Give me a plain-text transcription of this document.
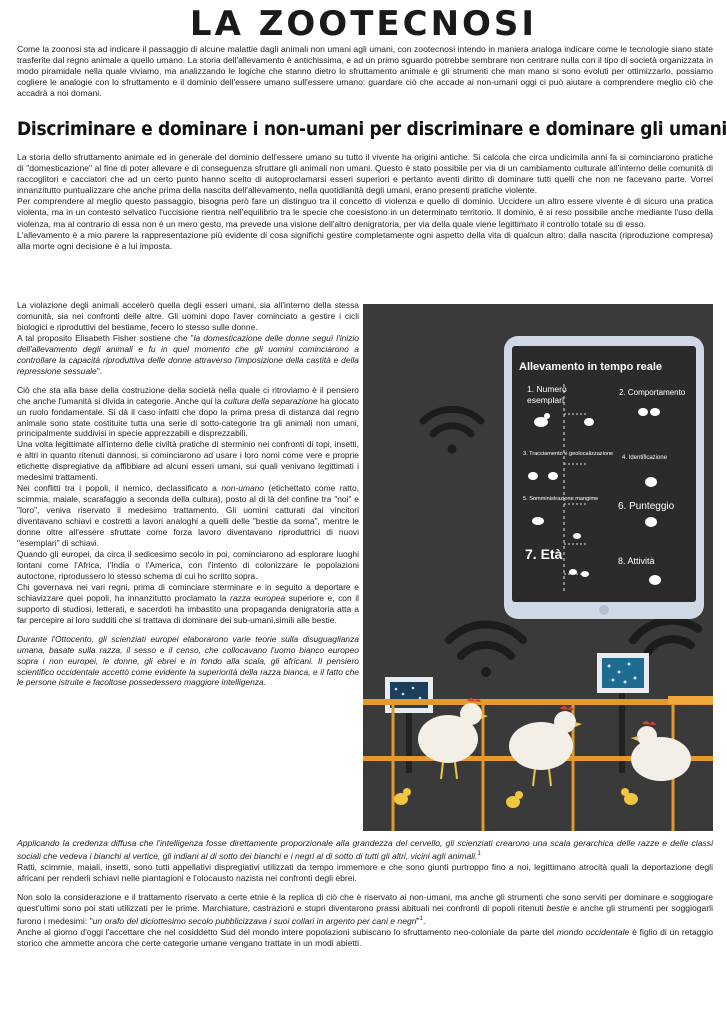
LA ZOOTECNOSI

Come la zoonosi sta ad indicare il passaggio di alcune malattie dagli animali non umani agli umani, con zootecnosi intendo in maniera analoga indicare come le tecnologie siano state trasferite dal regno animale a quello umano. La storia dell'allevamento è antichissima, e ad un primo sguardo potrebbe sembrare non centrare nulla con il tipo di società organizzata in modo piramidale nella quale viviamo, ma analizzando le logiche che stanno dietro lo sfruttamento animale e gli strumenti che man mano si sono evoluti per ottimizzarlo, possiamo cogliere le analogie con lo sfruttamento e il dominio dell'essere umano sull'essere umano: guardare ciò che accade ai non-umani oggi ci può aiutare a comprendere meglio ciò che accadrà a noi domani.

Discriminare e dominare i non-umani per discriminare e dominare gli umani

La storia dello sfruttamento animale ed in generale del dominio dell'essere umano su tutto il vivente ha origini antiche. Si calcola che circa undicimila anni fa si cominciarono pratiche di "domesticazione" al fine di poter allevare e di conseguenza sfruttare gli animali non umani. Questo è stato possibile per via di un cambiamento culturale all'interno delle comunità di raccoglitori e cacciatori che ad un certo punto hanno scelto di autoproclamarsi esseri superiori e pertanto aventi diritto di dominare tutti quelli che non ne facevano parte. Vorrei innanzitutto puntualizzare che anche prima della nascita dell'allevamento, nella quotidianità degli umani, erano presenti pratiche violente.

Per comprendere al meglio questo passaggio, bisogna però fare un distinguo tra il concetto di violenza e quello di dominio. Uccidere un altro essere vivente è di sicuro una pratica violenta, ma in un contesto selvatico l'uccisione rientra nell'equilibrio tra le specie che coesistono in un determinato territorio. Il dominio, è si reso possibile anche mediante l'uso della violenza, ma al contrario di essa non è un mero gesto, ma prevede una visione dell'altro denigratoria, per via della quale viene legittimato il controllo totale su di esso.

L'allevamento è a mio parere la rappresentazione più evidente di cosa significhi gestire completamente ogni aspetto della vita di qualcun altro: dalla nascita (riproduzione compresa) alla morte ogni decisione è a lui imposta.

La violazione degli animali accelerò quella degli esseri umani, sia all'interno della stessa comunità, sia nei confronti delle altre. Gli uomini dopo l'aver cominciato a gestire i cicli biologici e riproduttivi del bestiame, fecero lo stesso sulle donne.

A tal proposito Elisabeth Fisher sostiene che "la domesticazione delle donne seguì l'inizio dell'allevamento degli animali e fu in quel momento che gli uomini cominciarono a controllare la capacità riproduttiva delle donne attraverso l'imposizione della castità e della repressione sessuale".

Ciò che sta alla base della costruzione della società nella quale ci ritroviamo è il pensiero che anche l'umanità si divida in categorie. Anche qui la cultura della separazione ha giocato un ruolo fondamentale. Si dà il caso infatti che dopo la prima presa di distanza dal regno animale sono state costituite tutta una serie di sotto-categorie tra gli animali non umani, principalmente suddivisi in specie apprezzabili e disprezzabili.

Una volta legittimate all'interno delle civiltà pratiche di sterminio nei confronti di topi, insetti, e altri in quanto ritenuti dannosi, si cominciarono ad usare i loro nomi come vere e proprie etichette dispregiative da affibbiare ad alcuni esseri umani, sui quali venivano legittimati i medesimi trattamenti.

Nei conflitti tra i popoli, il nemico, declassificato a non-umano (etichettato come ratto, scimmia, maiale, scarafaggio a seconda della cultura), posto al di là del confine tra "noi" e "loro", veniva riservato il medesimo trattamento. Gli uomini catturati dai vincitori diventavano schiavi e costretti a lavori analoghi a quelli delle "bestie da soma", mentre le donne oltre all'essere sfruttate come forza lavoro diventavano riproduttrici di nuovi "esemplari" di schiavi.

Quando gli europei, da circa il sedicesimo secolo in poi, cominciarono ad esplorare luoghi lontani come l'Africa, l'India o l'America, con l'intento di colonizzare le popolazioni autoctone, riprodussero lo stesso schema di cui ho scritto sopra.

Chi governava nei vari regni, prima di cominciare sterminare e in seguito a deportare e schiavizzare quei popoli, ha innanzitutto proclamato la razza europea superiore e, con il supporto di studiosi, letterati, e sacerdoti ha imbastito una propaganda denigratoria atta a far percepire ai loro sudditi che si trattava di dominare dei sub-umani,simili alle bestie.

Durante l'Ottocento, gli scienziati europei elaborarono varie teorie sulla disuguaglianza umana, basate sulla razza, il sesso e il censo, che collocavano l'uomo bianco europeo sopra i non europei, le donne, gli ebrei e in fondo alla scala, gli africani. Il pensiero scientifico occidentale accettò come evidente la superiorità della razza bianca, e il fatto che le persone istruite e facoltose possedessero maggiore intelligenza.

Allevamento in tempo reale
1. Numero esemplari
2. Comportamento
3. Tracciamento e geolocalizzazione
4. Identificazione
5. Somministrazione mangime
6. Punteggio
7. Età	8. Attività

Applicando la credenza diffusa che l'intelligenza fosse direttamente proporzionale alla grandezza del cervello, gli scienziati crearono una scala gerarchica delle razze e delle classi sociali che vedeva i bianchi al vertice, gli indiani al di sotto dei bianchi e i negri al di sotto di tutti gli altri, vicini agli animali.$^1$

Ratti, scimmie, maiali, insetti, sono tutti appellativi dispregiativi utilizzati da tempo immemore e che sono giunti purtroppo fino a noi, legittimano atrocità quali la deportazione degli africani per renderli schiavi nelle piantagioni e l'olocausto nazista nei confronti degli ebrei.

Non solo la considerazione e il trattamento riservato a certe etnie è la replica di ciò che è riservato ai non-umani, ma anche gli strumenti che sono serviti per dominare e soggiogare quest'ultimi sono poi stati utilizzati per le prime. Marchiature, castrazioni e stupri diventarono prassi abituali nei confronti di popoli ritenuti bestie e anche gli strumenti per soggiogarli furono i medesimi: "un orafo del diciottesimo secolo pubblicizzava i suoi collari in argento per cani e negri"$^1$.

Anche al giorno d'oggi l'accettare che nel cosiddetto Sud del mondo intere popolazioni subiscano lo sfruttamento neo-coloniale da parte del mondo occidentale è figlio di un retaggio storico che ammette ancora che certe categorie umane vengano trattate in un modi abietti.
